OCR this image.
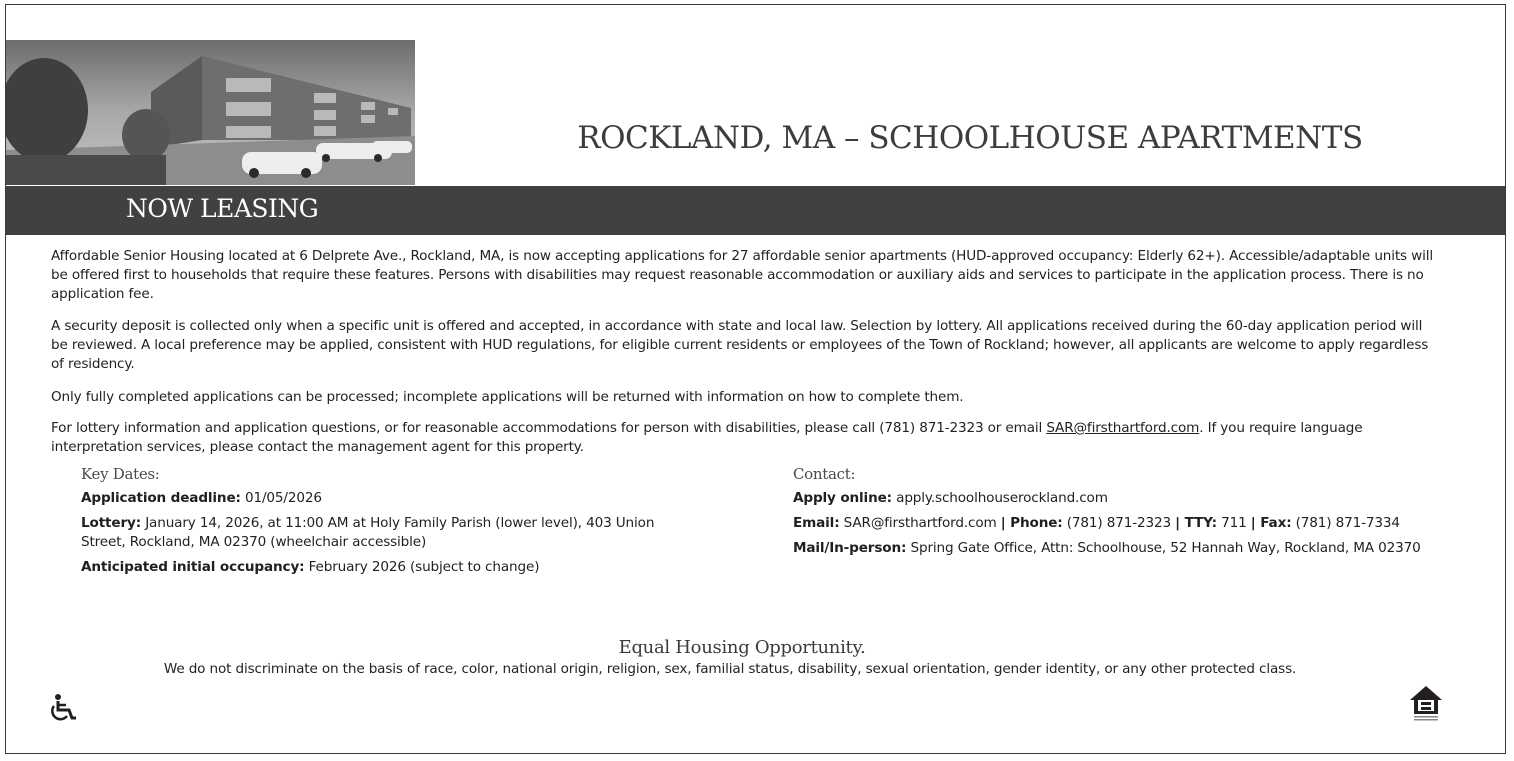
ROCKLAND, MA – SCHOOLHOUSE APARTMENTS
NOW LEASING

Affordable Senior Housing located at 6 Delprete Ave., Rockland, MA, is now accepting applications for 27 affordable senior apartments (HUD-approved occupancy: Elderly 62+). Accessible/adaptable units will be offered first to households that require these features. Persons with disabilities may request reasonable accommodation or auxiliary aids and services to participate in the application process. There is no application fee.

A security deposit is collected only when a specific unit is offered and accepted, in accordance with state and local law. Selection by lottery. All applications received during the 60-day application period will be reviewed. A local preference may be applied, consistent with HUD regulations, for eligible current residents or employees of the Town of Rockland; however, all applicants are welcome to apply regardless of residency.

Only fully completed applications can be processed; incomplete applications will be returned with information on how to complete them.

For lottery information and application questions, or for reasonable accommodations for person with disabilities, please call (781) 871-2323 or email SAR@firsthartford.com. If you require language interpretation services, please contact the management agent for this property.

Key Dates:
Application deadline: 01/05/2026
Lottery: January 14, 2026, at 11:00 AM at Holy Family Parish (lower level), 403 Union Street, Rockland, MA 02370 (wheelchair accessible)
Anticipated initial occupancy: February 2026 (subject to change)
Contact:
Apply online: apply.schoolhouserockland.com
Email: SAR@firsthartford.com | Phone: (781) 871-2323 | TTY: 711 | Fax: (781) 871-7334
Mail/In-person: Spring Gate Office, Attn: Schoolhouse, 52 Hannah Way, Rockland, MA 02370
Equal Housing Opportunity.
We do not discriminate on the basis of race, color, national origin, religion, sex, familial status, disability, sexual orientation, gender identity, or any other protected class.
